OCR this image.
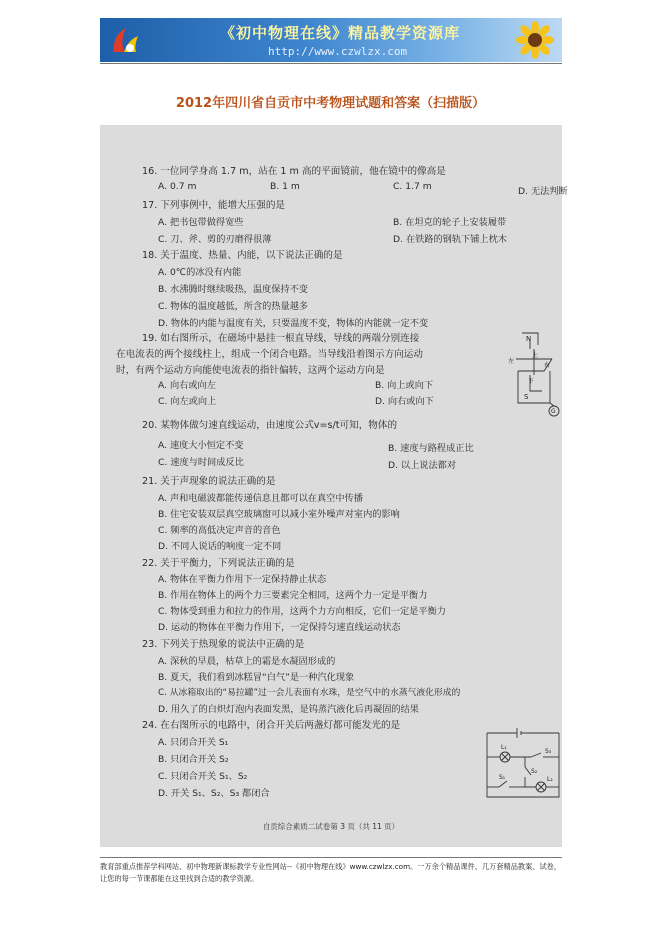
《初中物理在线》精品教学资源库
http://www.czwlzx.com
2012年四川省自贡市中考物理试题和答案（扫描版）
16. 一位同学身高 1.7 m，站在 1 m 高的平面镜前，他在镜中的像高是
A. 0.7 m	B. 1 m	C. 1.7 m	D. 无法判断
17. 下列事例中，能增大压强的是
A. 把书包带做得宽些	B. 在坦克的轮子上安装履带
C. 刀、斧、剪的刃磨得很薄	D. 在铁路的钢轨下铺上枕木
18. 关于温度、热量、内能，以下说法正确的是
A. 0℃的冰没有内能
B. 水沸腾时继续吸热，温度保持不变
C. 物体的温度越低，所含的热量越多
D. 物体的内能与温度有关，只要温度不变，物体的内能就一定不变
19. 如右图所示，在磁场中悬挂一根直导线，导线的两端分别连接
在电流表的两个接线柱上，组成一个闭合电路。当导线沿着图示方向运动
时，有两个运动方向能使电流表的指针偏转，这两个运动方向是
A. 向右或向左	B. 向上或向下
C. 向左或向上	D. 向右或向下
N
上
左
右
下
S
G
20. 某物体做匀速直线运动，由速度公式v=s/t可知，物体的
A. 速度大小恒定不变	B. 速度与路程成正比
C. 速度与时间成反比	D. 以上说法都对
21. 关于声现象的说法正确的是
A. 声和电磁波都能传递信息且都可以在真空中传播
B. 住宅安装双层真空玻璃窗可以减小室外噪声对室内的影响
C. 频率的高低决定声音的音色
D. 不同人说话的响度一定不同
22. 关于平衡力，下列说法正确的是
A. 物体在平衡力作用下一定保持静止状态
B. 作用在物体上的两个力三要素完全相同，这两个力一定是平衡力
C. 物体受到重力和拉力的作用，这两个力方向相反，它们一定是平衡力
D. 运动的物体在平衡力作用下，一定保持匀速直线运动状态
23. 下列关于热现象的说法中正确的是
A. 深秋的早晨，枯草上的霜是水凝固形成的
B. 夏天，我们看到冰糕冒“白气”是一种汽化现象
C. 从冰箱取出的“易拉罐”过一会儿表面有水珠，是空气中的水蒸气液化形成的
D. 用久了的白炽灯泡内表面发黑，是钨蒸汽液化后再凝固的结果
24. 在右图所示的电路中，闭合开关后两盏灯都可能发光的是
A. 只闭合开关 S₁
B. 只闭合开关 S₂
C. 只闭合开关 S₁、S₂
D. 开关 S₁、S₂、S₃ 都闭合
L₁
S₃
S₂
S₁	L₂
自贡综合素质二试卷第 3 页（共 11 页）
教育部重点推荐学科网站、初中物理新课标教学专业性网站--《初中物理在线》www.czwlzx.com。一万余个精品课件、几万套精品教案、试卷，让您的每一节课都能在这里找到合适的教学资源。
